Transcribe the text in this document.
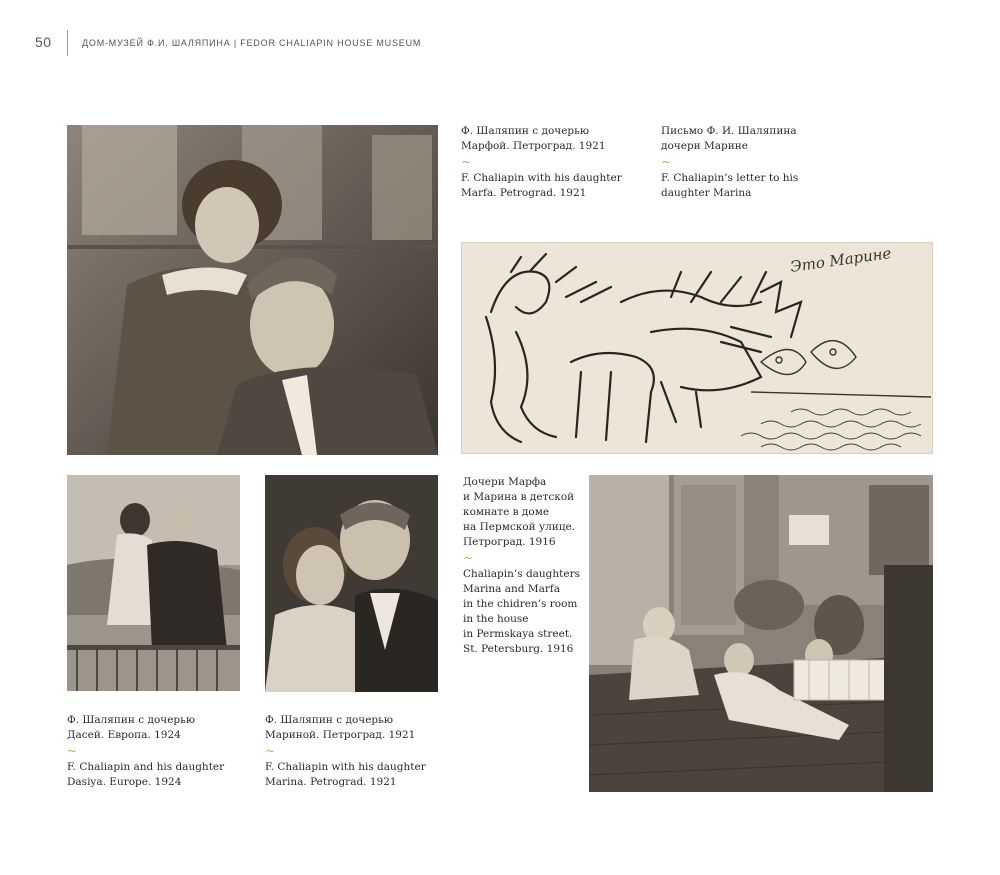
50	ДОМ-МУЗЕЙ Ф.И. ШАЛЯПИНА | FEDOR CHALIAPIN HOUSE MUSEUM
Ф. Шаляпин с дочерью
Марфой. Петроград. 1921
~
F. Chaliapin with his daughter
Marfa. Petrograd. 1921
Письмо Ф. И. Шаляпина
дочери Марине
~
F. Chaliapin’s letter to his
daughter Marina
Это Марине
Дочери Марфа
и Марина в детской
комнате в доме
на Пермской улице.
Петроград. 1916
~
Chaliapin’s daughters
Marina and Marfa
in the chidren’s room
in the house
in Permskaya street.
St. Petersburg. 1916
Ф. Шаляпин с дочерью
Дасей. Европа. 1924
~
F. Chaliapin and his daughter
Dasiya. Europe. 1924
Ф. Шаляпин с дочерью
Мариной. Петроград. 1921
~
F. Chaliapin with his daughter
Marina. Petrograd. 1921
